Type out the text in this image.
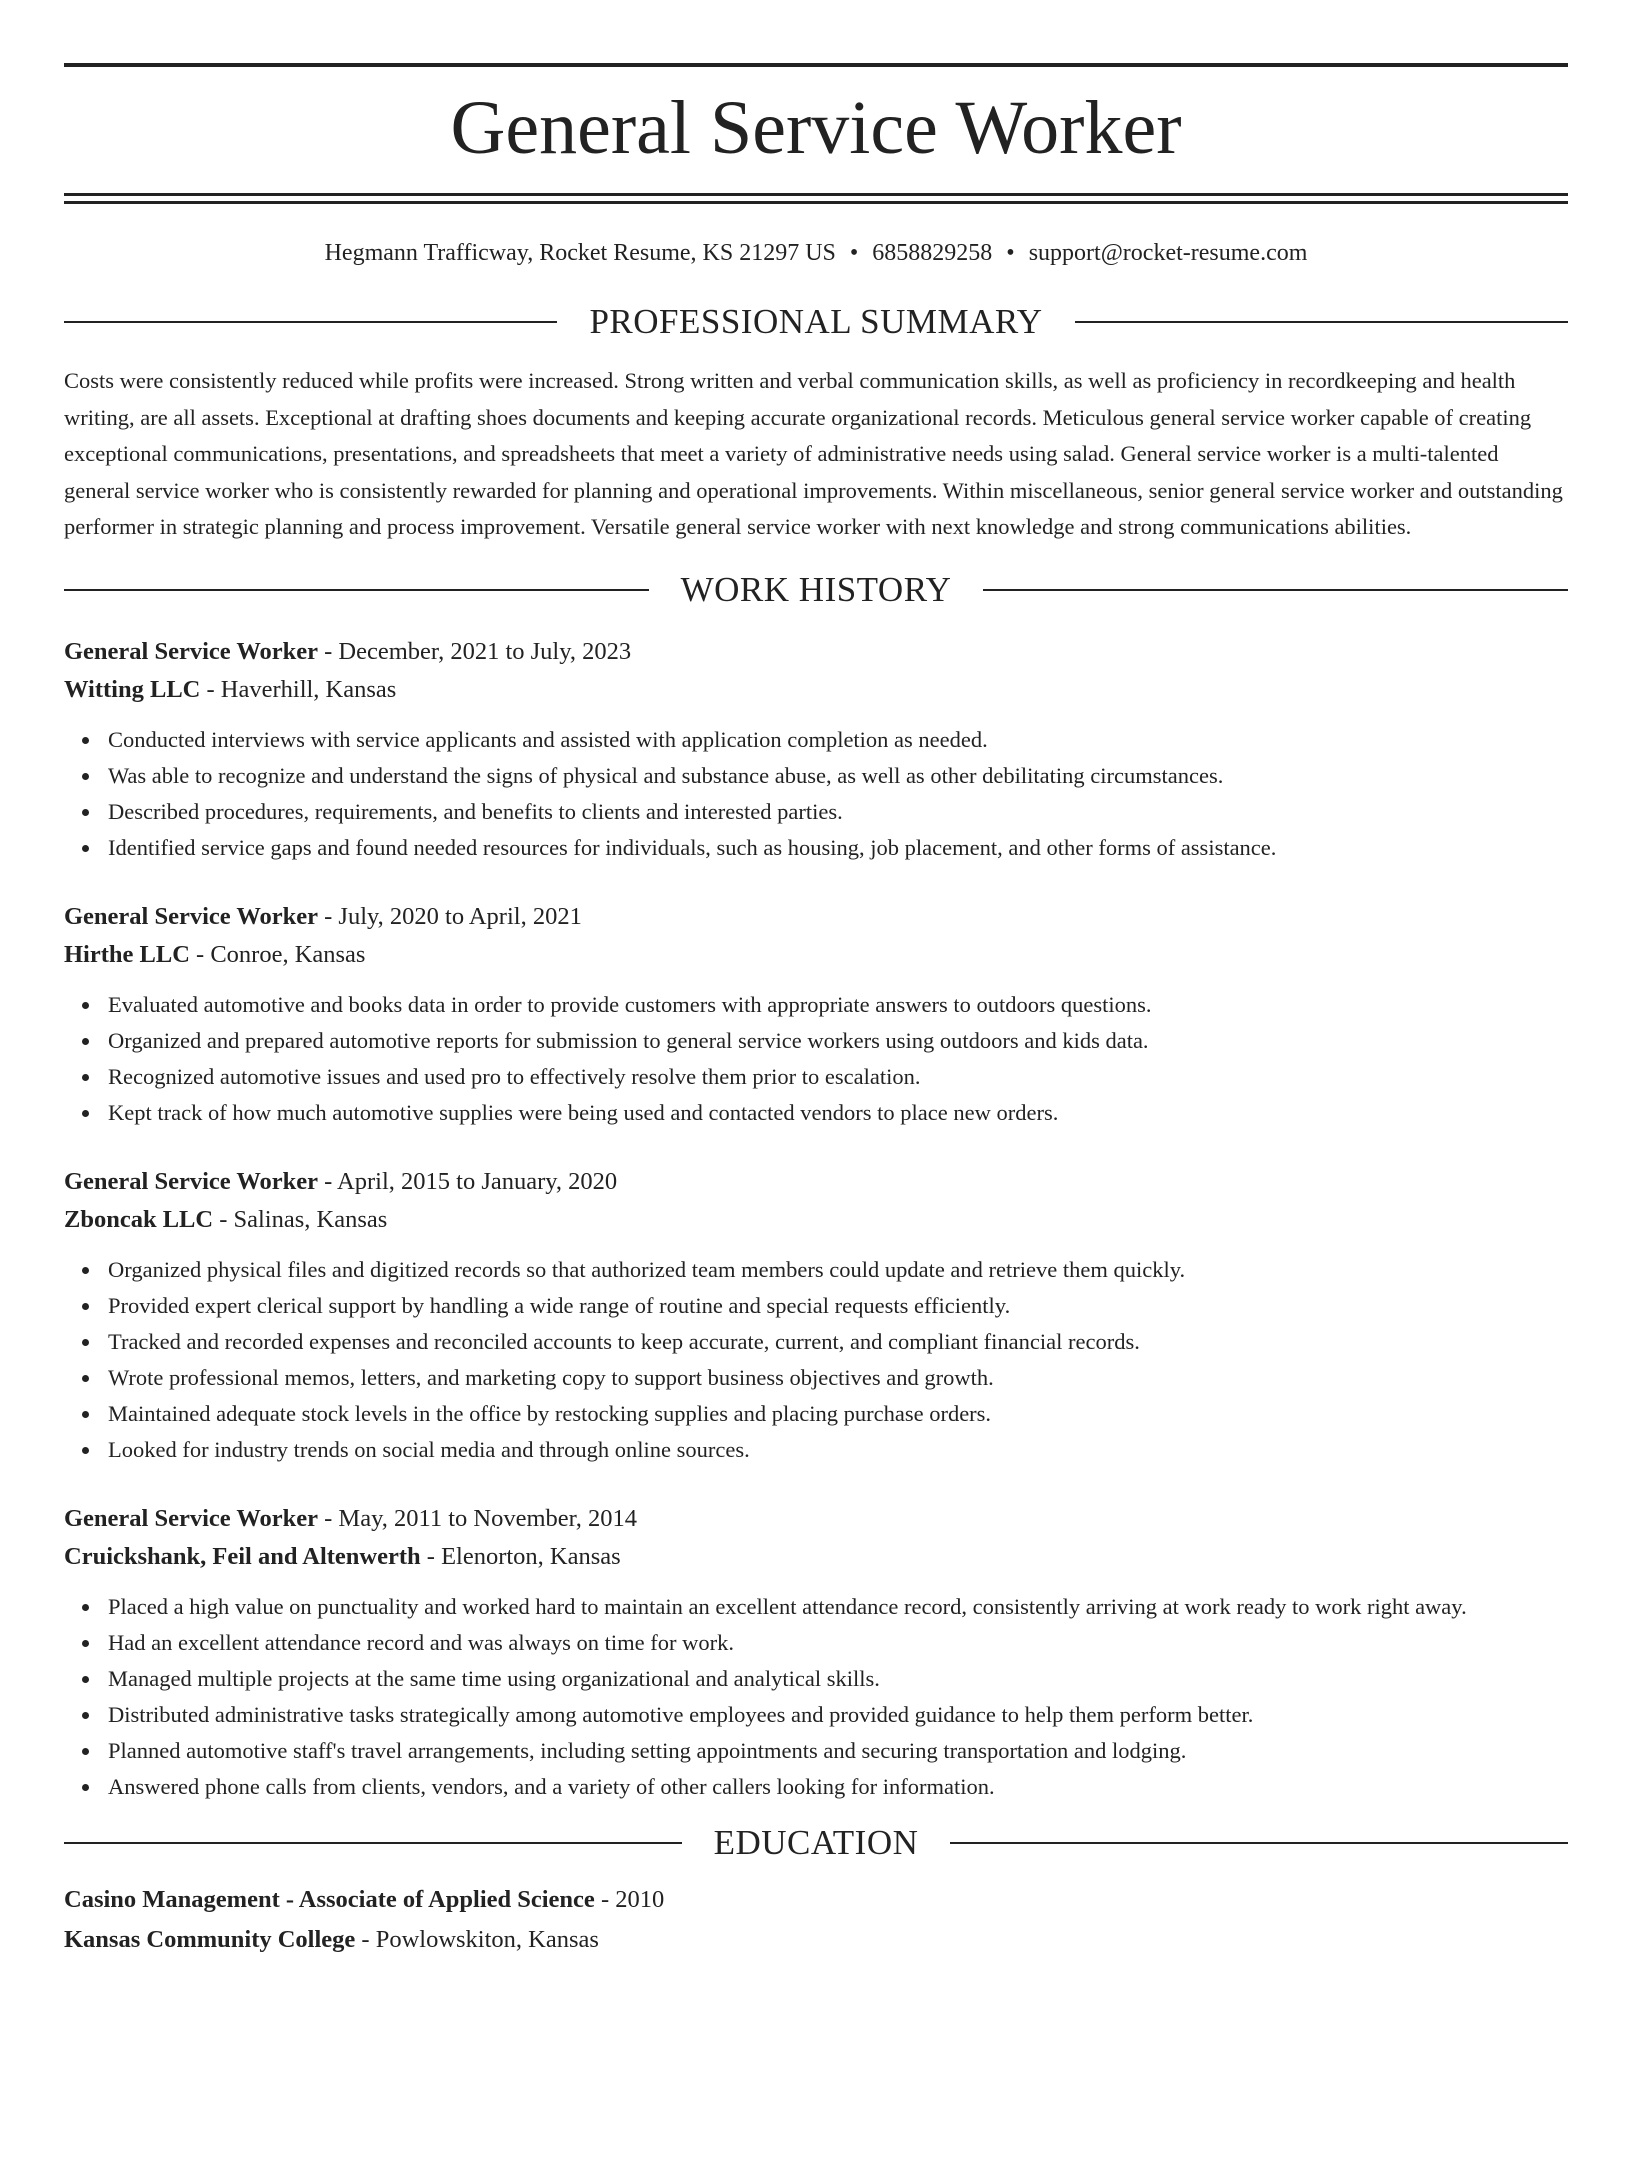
General Service Worker
Hegmann Trafficway, Rocket Resume, KS 21297 US • 6858829258 • support@rocket-resume.com
PROFESSIONAL SUMMARY

Costs were consistently reduced while profits were increased. Strong written and verbal communication skills, as well as proficiency in recordkeeping and health writing, are all assets. Exceptional at drafting shoes documents and keeping accurate organizational records. Meticulous general service worker capable of creating exceptional communications, presentations, and spreadsheets that meet a variety of administrative needs using salad. General service worker is a multi-talented general service worker who is consistently rewarded for planning and operational improvements. Within miscellaneous, senior general service worker and outstanding performer in strategic planning and process improvement. Versatile general service worker with next knowledge and strong communications abilities.

WORK HISTORY
General Service Worker - December, 2021 to July, 2023
Witting LLC - Haverhill, Kansas
Conducted interviews with service applicants and assisted with application completion as needed.
Was able to recognize and understand the signs of physical and substance abuse, as well as other debilitating circumstances.
Described procedures, requirements, and benefits to clients and interested parties.
Identified service gaps and found needed resources for individuals, such as housing, job placement, and other forms of assistance.
General Service Worker - July, 2020 to April, 2021
Hirthe LLC - Conroe, Kansas
Evaluated automotive and books data in order to provide customers with appropriate answers to outdoors questions.
Organized and prepared automotive reports for submission to general service workers using outdoors and kids data.
Recognized automotive issues and used pro to effectively resolve them prior to escalation.
Kept track of how much automotive supplies were being used and contacted vendors to place new orders.
General Service Worker - April, 2015 to January, 2020
Zboncak LLC - Salinas, Kansas
Organized physical files and digitized records so that authorized team members could update and retrieve them quickly.
Provided expert clerical support by handling a wide range of routine and special requests efficiently.
Tracked and recorded expenses and reconciled accounts to keep accurate, current, and compliant financial records.
Wrote professional memos, letters, and marketing copy to support business objectives and growth.
Maintained adequate stock levels in the office by restocking supplies and placing purchase orders.
Looked for industry trends on social media and through online sources.
General Service Worker - May, 2011 to November, 2014
Cruickshank, Feil and Altenwerth - Elenorton, Kansas
Placed a high value on punctuality and worked hard to maintain an excellent attendance record, consistently arriving at work ready to work right away.
Had an excellent attendance record and was always on time for work.
Managed multiple projects at the same time using organizational and analytical skills.
Distributed administrative tasks strategically among automotive employees and provided guidance to help them perform better.
Planned automotive staff's travel arrangements, including setting appointments and securing transportation and lodging.
Answered phone calls from clients, vendors, and a variety of other callers looking for information.
EDUCATION
Casino Management - Associate of Applied Science - 2010
Kansas Community College - Powlowskiton, Kansas
